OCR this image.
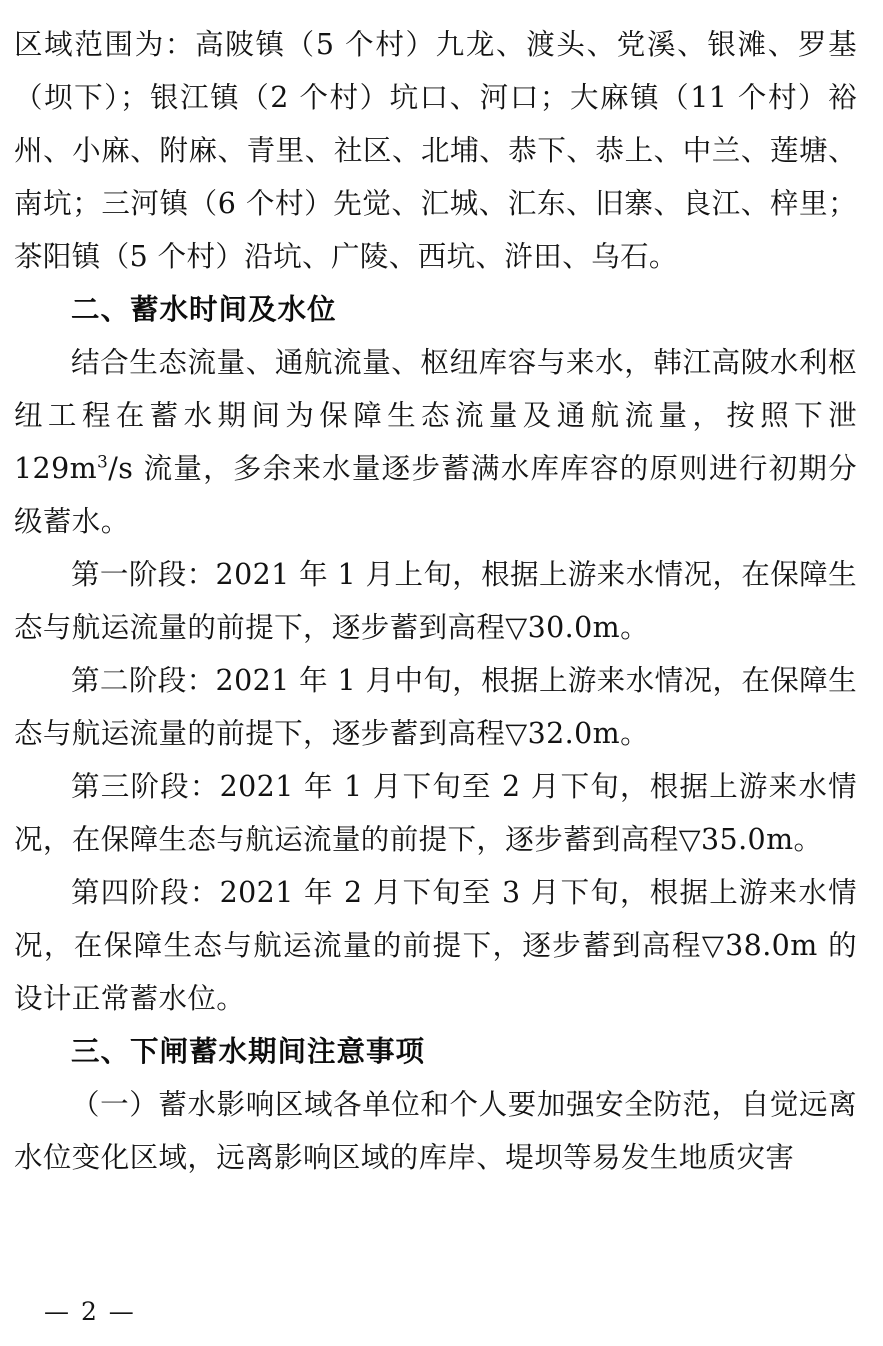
区域范围为：高陂镇（5 个村）九龙、渡头、党溪、银滩、罗基（坝下）；银江镇（2 个村）坑口、河口；大麻镇（11 个村）裕州、小麻、附麻、青里、社区、北埔、恭下、恭上、中兰、莲塘、南坑；三河镇（6 个村）先觉、汇城、汇东、旧寨、良江、梓里；茶阳镇（5 个村）沿坑、广陵、西坑、浒田、乌石。

二、蓄水时间及水位

结合生态流量、通航流量、枢纽库容与来水，韩江高陂水利枢纽工程在蓄水期间为保障生态流量及通航流量，按照下泄 $129m^3/s$ 流量，多余来水量逐步蓄满水库库容的原则进行初期分级蓄水。

第一阶段：2021 年 1 月上旬，根据上游来水情况，在保障生态与航运流量的前提下，逐步蓄到高程▽30.0m。

第二阶段：2021 年 1 月中旬，根据上游来水情况，在保障生态与航运流量的前提下，逐步蓄到高程▽32.0m。

第三阶段：2021 年 1 月下旬至 2 月下旬，根据上游来水情况，在保障生态与航运流量的前提下，逐步蓄到高程▽35.0m。

第四阶段：2021 年 2 月下旬至 3 月下旬，根据上游来水情况，在保障生态与航运流量的前提下，逐步蓄到高程▽38.0m 的设计正常蓄水位。

三、下闸蓄水期间注意事项

（一）蓄水影响区域各单位和个人要加强安全防范，自觉远离水位变化区域，远离影响区域的库岸、堤坝等易发生地质灾害

— 2 —
